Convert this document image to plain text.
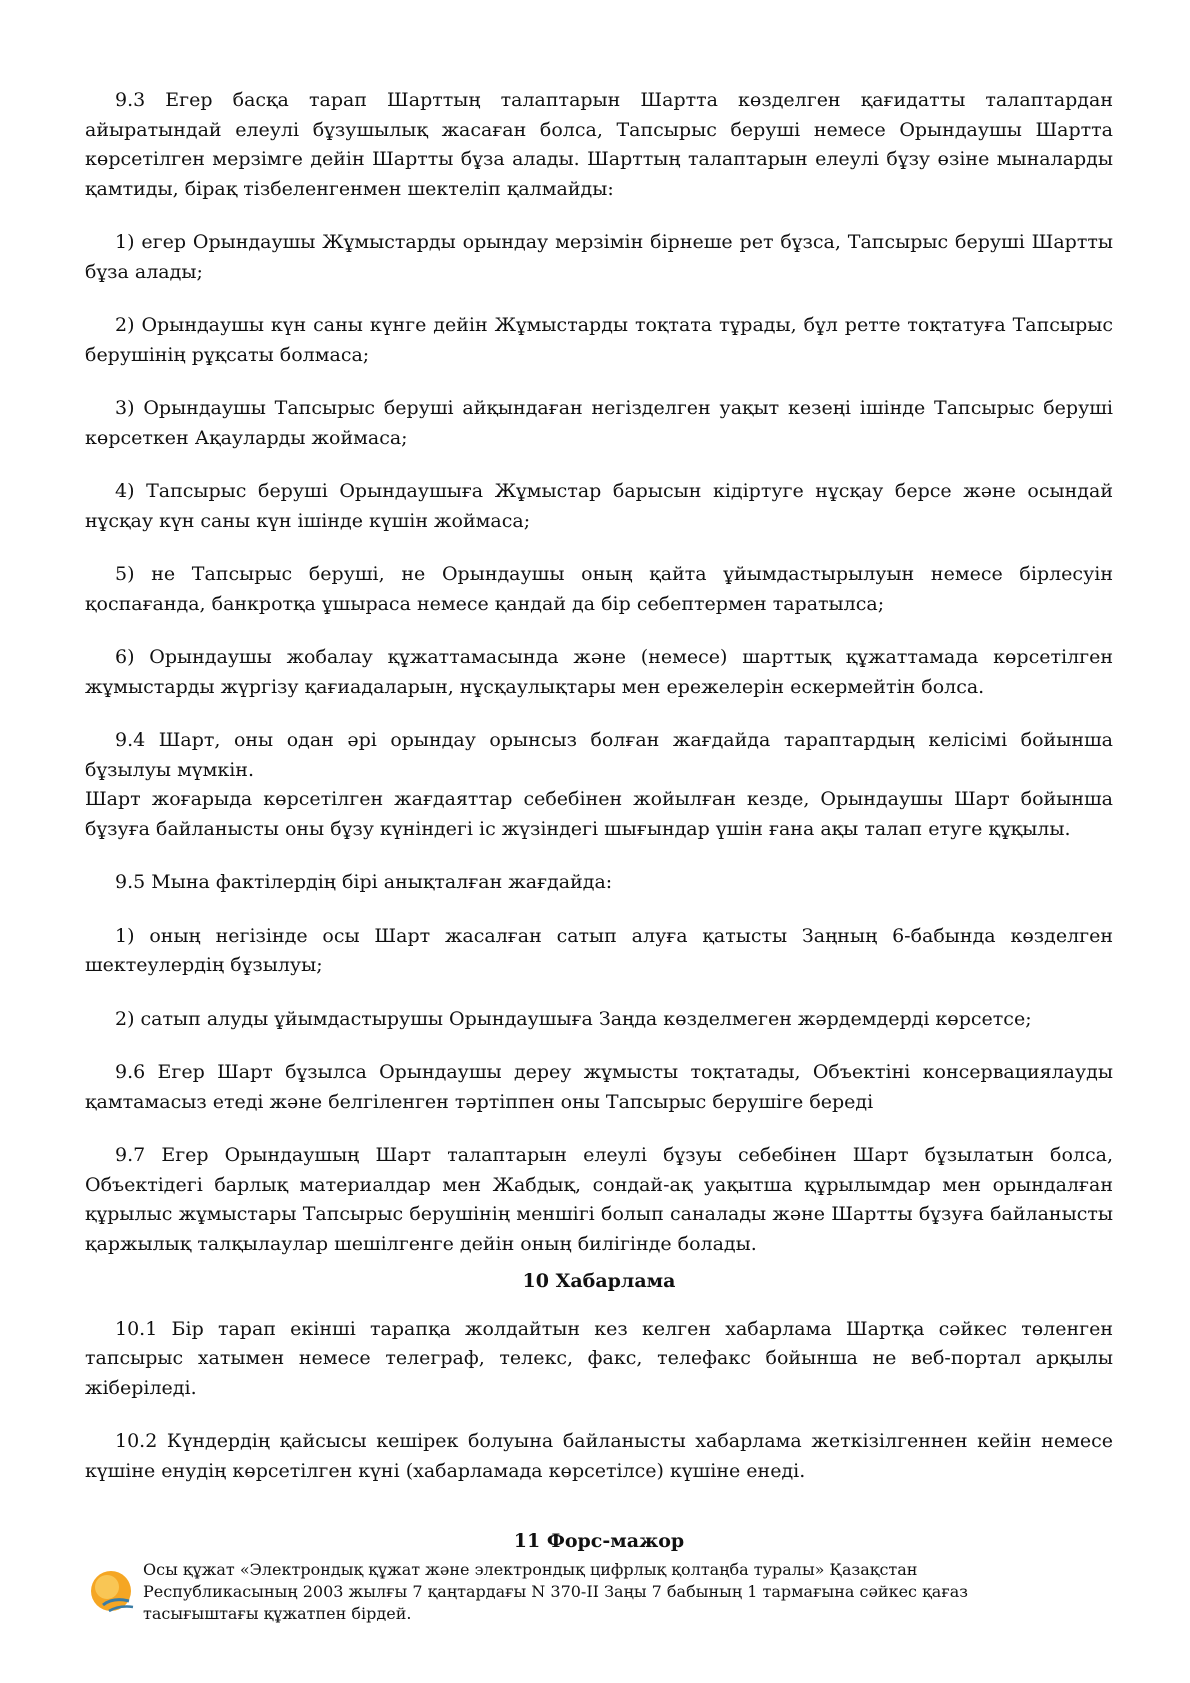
9.3 Егер басқа тарап Шарттың талаптарын Шартта көзделген қағидатты талаптардан айыратындай елеулі бұзушылық жасаған болса, Тапсырыс беруші немесе Орындаушы Шартта көрсетілген мерзімге дейін Шартты бұза алады. Шарттың талаптарын елеулі бұзу өзіне мыналарды қамтиды, бірақ тізбеленгенмен шектеліп қалмайды:

1) егер Орындаушы Жұмыстарды орындау мерзімін бірнеше рет бұзса, Тапсырыс беруші Шартты бұза алады;

2) Орындаушы күн саны күнге дейін Жұмыстарды тоқтата тұрады, бұл ретте тоқтатуға Тапсырыс берушінің рұқсаты болмаса;

3) Орындаушы Тапсырыс беруші айқындаған негізделген уақыт кезеңі ішінде Тапсырыс беруші көрсеткен Ақауларды жоймаса;

4) Тапсырыс беруші Орындаушыға Жұмыстар барысын кідіртуге нұсқау берсе және осындай нұсқау күн саны күн ішінде күшін жоймаса;

5) не Тапсырыс беруші, не Орындаушы оның қайта ұйымдастырылуын немесе бірлесуін қоспағанда, банкротқа ұшыраса немесе қандай да бір себептермен таратылса;

6) Орындаушы жобалау құжаттамасында және (немесе) шарттық құжаттамада көрсетілген жұмыстарды жүргізу қағиадаларын, нұсқаулықтары мен ережелерін ескермейтін болса.

9.4 Шарт, оны одан әрі орындау орынсыз болған жағдайда тараптардың келісімі бойынша бұзылуы мүмкін.

Шарт жоғарыда көрсетілген жағдаяттар себебінен жойылған кезде, Орындаушы Шарт бойынша бұзуға байланысты оны бұзу күніндегі іс жүзіндегі шығындар үшін ғана ақы талап етуге құқылы.

9.5 Мына фактілердің бірі анықталған жағдайда:

1) оның негізінде осы Шарт жасалған сатып алуға қатысты Заңның 6-бабында көзделген шектеулердің бұзылуы;

2) сатып алуды ұйымдастырушы Орындаушыға Заңда көзделмеген жәрдемдерді көрсетсе;

9.6 Егер Шарт бұзылса Орындаушы дереу жұмысты тоқтатады, Объектіні консервациялауды қамтамасыз етеді және белгіленген тәртіппен оны Тапсырыс берушіге береді

9.7 Егер Орындаушың Шарт талаптарын елеулі бұзуы себебінен Шарт бұзылатын болса, Объектідегі барлық материалдар мен Жабдық, сондай-ақ уақытша құрылымдар мен орындалған құрылыс жұмыстары Тапсырыс берушінің меншігі болып саналады және Шартты бұзуға байланысты қаржылық талқылаулар шешілгенге дейін оның билігінде болады.

10 Хабарлама

10.1 Бір тарап екінші тарапқа жолдайтын кез келген хабарлама Шартқа сәйкес төленген тапсырыс хатымен немесе телеграф, телекс, факс, телефакс бойынша не веб-портал арқылы жіберіледі.

10.2 Күндердің қайсысы кешірек болуына байланысты хабарлама жеткізілгеннен кейін немесе күшіне енудің көрсетілген күні (хабарламада көрсетілсе) күшіне енеді.

11 Форс-мажор
Осы құжат «Электрондық құжат және электрондық цифрлық қолтаңба туралы» Қазақстан
Республикасының 2003 жылғы 7 қаңтардағы N 370-II Заңы 7 бабының 1 тармағына сәйкес қағаз
тасығыштағы құжатпен бірдей.
